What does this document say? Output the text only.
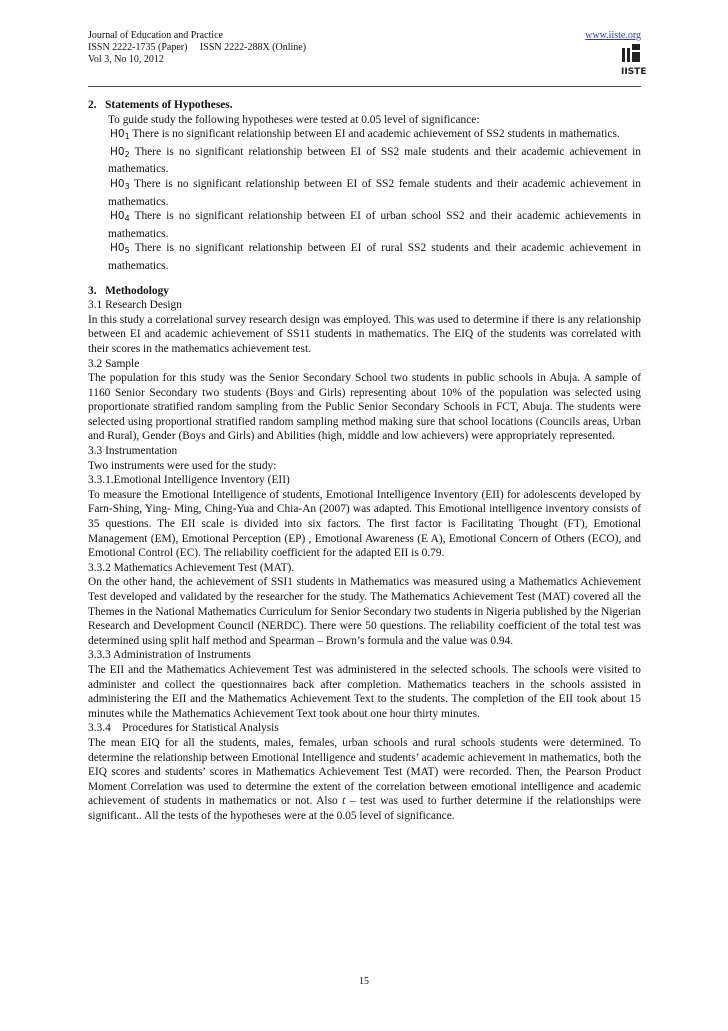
Journal of Education and Practice
ISSN 2222-1735 (Paper)     ISSN 2222-288X (Online)
Vol 3, No 10, 2012
www.iiste.org
IISTE

2.   Statements of Hypotheses.

To guide study the following hypotheses were tested at 0.05 level of significance:

$H0_1$ There is no significant relationship between EI and academic achievement of SS2 students in mathematics.

$H0_2$ There is no significant relationship between EI of SS2 male students and their academic achievement in mathematics.

$H0_3$ There is no significant relationship between EI of SS2 female students and their academic achievement in mathematics.

$H0_4$ There is no significant relationship between EI of urban school SS2 and their academic achievements in mathematics.

$H0_5$ There is no significant relationship between EI of rural SS2 students and their academic achievement in mathematics.

3.   Methodology

3.1 Research Design

In this study a correlational survey research design was employed. This was used to determine if there is any relationship between EI and academic achievement of SS11 students in mathematics. The EIQ of the students was correlated with their scores in the mathematics achievement test.

3.2 Sample

The population for this study was the Senior Secondary School two students in public schools in Abuja. A sample of 1160 Senior Secondary two students (Boys and Girls) representing about 10% of the population was selected using proportionate stratified random sampling from the Public Senior Secondary Schools in FCT, Abuja. The students were selected using proportional stratified random sampling method making sure that school locations (Councils areas, Urban and Rural), Gender (Boys and Girls) and Abilities (high, middle and low achievers) were appropriately represented.

3.3 Instrumentation

Two instruments were used for the study:

3.3.1.Emotional Intelligence Inventory (EII)

To measure the Emotional Intelligence of students, Emotional Intelligence Inventory (EII) for adolescents developed by Farn-Shing, Ying- Ming, Ching-Yua and Chia-An (2007) was adapted. This Emotional intelligence inventory consists of 35 questions. The EII scale is divided into six factors. The first factor is Facilitating Thought (FT), Emotional Management (EM), Emotional Perception (EP) , Emotional Awareness (E A), Emotional Concern of Others (ECO), and Emotional Control (EC). The reliability coefficient for the adapted EII is 0.79.

3.3.2 Mathematics Achievement Test (MAT).

On the other hand, the achievement of SSI1 students in Mathematics was measured using a Mathematics Achievement Test developed and validated by the researcher for the study. The Mathematics Achievement Test (MAT) covered all the Themes in the National Mathematics Curriculum for Senior Secondary two students in Nigeria published by the Nigerian Research and Development Council (NERDC). There were 50 questions. The reliability coefficient of the total test was determined using split half method and Spearman – Brown’s formula and the value was 0.94.

3.3.3 Administration of Instruments

The EII and the Mathematics Achievement Test was administered in the selected schools. The schools were visited to administer and collect the questionnaires back after completion. Mathematics teachers in the schools assisted in administering the EII and the Mathematics Achievement Text to the students. The completion of the EII took about 15 minutes while the Mathematics Achievement Text took about one hour thirty minutes.

3.3.4    Procedures for Statistical Analysis

The mean EIQ for all the students, males, females, urban schools and rural schools students were determined. To determine the relationship between Emotional Intelligence and students’ academic achievement in mathematics, both the EIQ scores and students’ scores in Mathematics Achievement Test (MAT) were recorded. Then, the Pearson Product Moment Correlation was used to determine the extent of the correlation between emotional intelligence and academic achievement of students in mathematics or not. Also t – test was used to further determine if the relationships were significant.. All the tests of the hypotheses were at the 0.05 level of significance.

15
